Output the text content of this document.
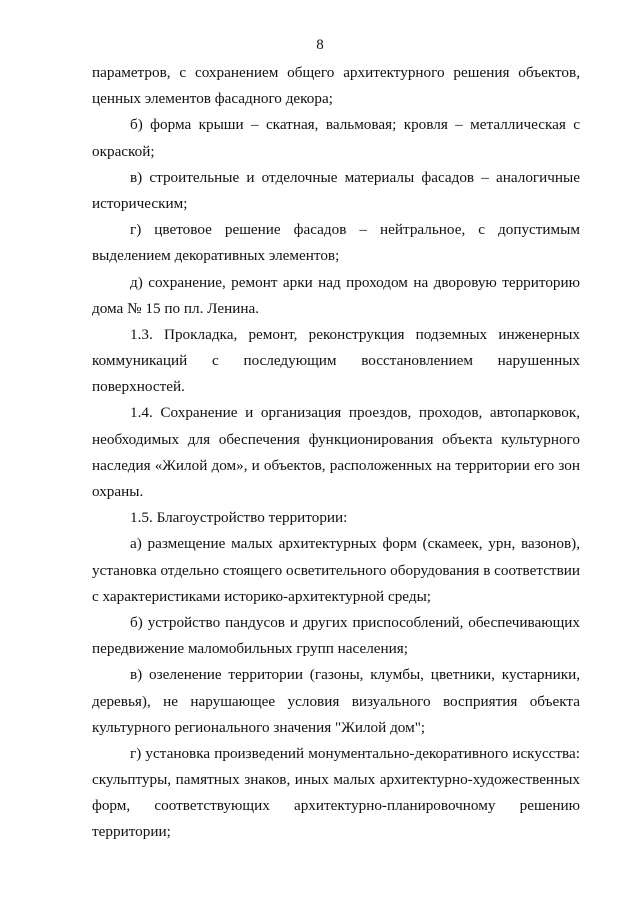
8
параметров, с сохранением общего архитектурного решения объектов,
ценных элементов фасадного декора;
б) форма крыши – скатная, вальмовая; кровля – металлическая с
окраской;
в) строительные и отделочные материалы фасадов – аналогичные
историческим;
г) цветовое решение фасадов – нейтральное, с допустимым
выделением декоративных элементов;
д) сохранение, ремонт арки над проходом на дворовую территорию
дома № 15 по пл. Ленина.
1.3. Прокладка, ремонт, реконструкция подземных инженерных
коммуникаций с последующим восстановлением нарушенных
поверхностей.
1.4. Сохранение и организация проездов, проходов, автопарковок,
необходимых для обеспечения функционирования объекта культурного
наследия «Жилой дом», и объектов, расположенных на территории его зон
охраны.
1.5. Благоустройство территории:
а) размещение малых архитектурных форм (скамеек, урн, вазонов),
установка отдельно стоящего осветительного оборудования в соответствии
с характеристиками историко-архитектурной среды;
б) устройство пандусов и других приспособлений, обеспечивающих
передвижение маломобильных групп населения;
в) озеленение территории (газоны, клумбы, цветники, кустарники,
деревья), не нарушающее условия визуального восприятия объекта
культурного регионального значения "Жилой дом";
г) установка произведений монументально-декоративного искусства:
скульптуры, памятных знаков, иных малых архитектурно-художественных
форм, соответствующих архитектурно-планировочному решению
территории;
